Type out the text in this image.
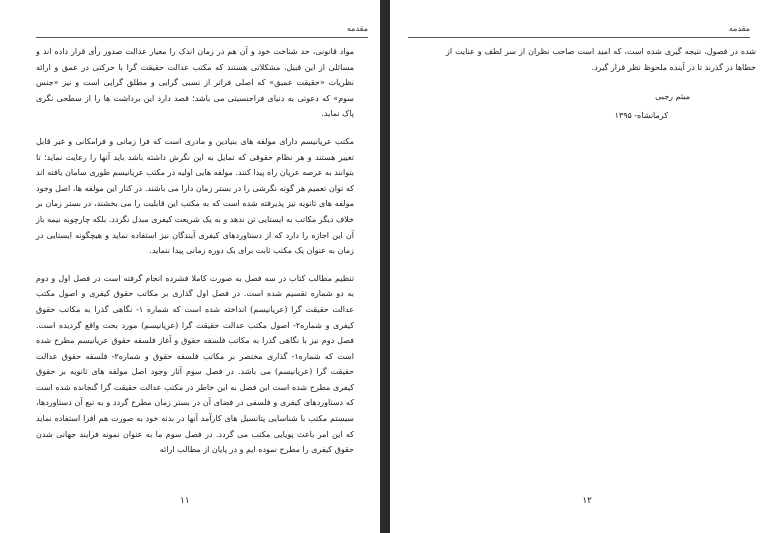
مقدمه

مواد قانونی، حد شناخت خود و آن هم در زمان اندک را معیار عدالت صدور رأی قرار داده اند و مسائلی از این قبیل، مشکلاتی هستند که مکتب عدالت حقیقت گرا با حرکتی در عمق و ارائه نظریات «حقیقت عمیق» که اصلی فراتر از نسبی گرایی و مطلق گرایی است و نیز «جنس سوم» که دعوتی به دنیای فراجنسیتی می باشد؛ قصد دارد این برداشت ها را از سطحی نگری پاک نماید.

مکتب عریانیسم دارای مولفه های بنیادین و مادری است که فرا زمانی و فرامکانی و غیر قابل تغییر هستند و هر نظام حقوقی که تمایل به این نگرش داشته باشد باید آنها را رعایت نماید؛ تا بتوانند به عرصه عریان راه پیدا کنند. مولفه هایی اولیه در مکتب عریانیسم طوری سامان یافته اند که توان تعمیم هر گونه نگرشی را در بستر زمان دارا می باشند. در کنار این مولفه ها، اصل وجود مولفه های ثانویه نیز پذیرفته شده است که به مکتب این قابلیت را می بخشند، در بستر زمان بر خلاف دیگر مکاتب به ایستایی تن ندهد و به یک شریعت کیفری مبدل نگردد. بلکه چارچوبه نیمه باز آن این اجازه را دارد که از دستاوردهای کیفری آیندگان نیز استفاده نماید و هیچگونه ایستایی در زمان به عنوان یک مکتب ثابت برای یک دوره زمانی پیدا ننماید.

تنظیم مطالب کتاب در سه فصل به صورت کاملا فشرده انجام گرفته است در فصل اول و دوم به دو شماره تقسیم شده است. در فصل اول گذاری بر مکاتب حقوق کیفری و اصول مکتب عدالت حقیقت گرا (عریانیسم) انداخته شده است که شماره ۱- نگاهی گذرا به مکاتب حقوق کیفری و شماره۲- اصول مکتب عدالت حقیقت گرا (عریانیسم) مورد بحث واقع گردیده است. فصل دوم نیز با نگاهی گذرا به مکاتب فلسفه حقوق و آغاز فلسفه حقوق عریانیسم مطرح شده است که شماره۱- گذاری مختصر بر مکاتب فلسفه حقوق و شماره۲- فلسفه حقوق عدالت حقیقت گرا (عریانیسم) می باشد. در فصل سوم آثار وجود اصل مولفه های ثانویه بر حقوق کیفری مطرح شده است این فصل به این خاطر در مکتب عدالت حقیقت گرا گنجانده شده است که دستاوردهای کیفری و فلسفی در فضای آن در بستر زمان مطرح گردد و به تبع آن دستاوردها، سیستم مکتب با شناسایی پتانسیل های کارآمد آنها در بدنه خود به صورت هم افزا استفاده نماید که این امر باعث پویایی مکتب می گردد. در فصل سوم ما به عنوان نمونه فرایند جهانی شدن حقوق کیفری را مطرح نموده ایم و در پایان از مطالب ارائه

۱۱
مقدمه

شده در فصول، نتیجه گیری شده است، که امید است صاحب نظران از سر لطف و عنایت از خطاها در گذرند تا در آینده ملحوظ نظر قرار گیرد.

میثم رجبی
کرمانشاه- ۱۳۹۵
۱۲
